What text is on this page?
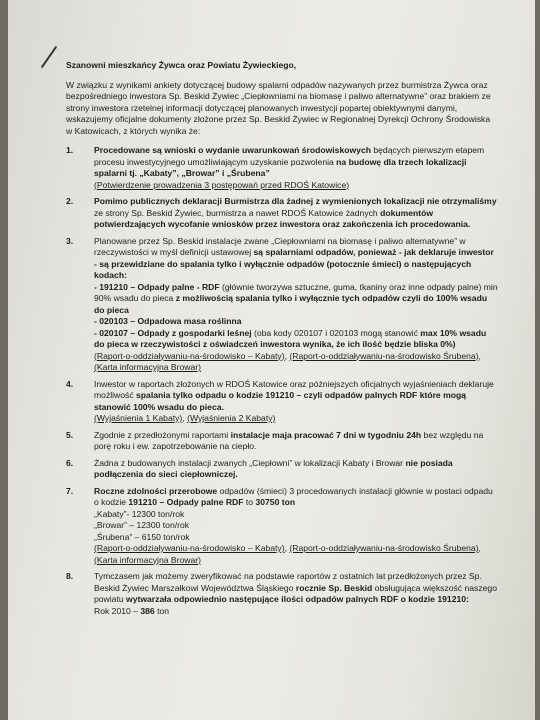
Szanowni mieszkańcy Żywca oraz Powiatu Żywieckiego,

W związku z wynikami ankiety dotyczącej budowy spalarni odpadów nazywanych przez burmistrza Żywca oraz bezpośredniego inwestora Sp. Beskid Żywiec „Ciepłowniami na biomasę i paliwo alternatywne” oraz brakiem ze strony inwestora rzetelnej informacji dotyczącej planowanych inwestycji popartej obiektywnymi danymi, wskazujemy oficjalne dokumenty złożone przez Sp. Beskid Żywiec w Regionalnej Dyrekcji Ochrony Środowiska w Katowicach, z których wynika że:

1.	Procedowane są wnioski o wydanie uwarunkowań środowiskowych będących pierwszym etapem procesu inwestycyjnego umożliwiającym uzyskanie pozwolenia na budowę dla trzech lokalizacji spalarni tj. „Kabaty”, „Browar” i „Śrubena”
(Potwierdzenie prowadzenia 3 postępowań przed RDOŚ Katowice)
2.	Pomimo publicznych deklaracji Burmistrza dla żadnej z wymienionych lokalizacji nie otrzymaliśmy ze strony Sp. Beskid Żywiec, burmistrza a nawet RDOŚ Katowice żadnych dokumentów potwierdzających wycofanie wniosków przez inwestora oraz zakończenia ich procedowania.
3.	Planowane przez Sp. Beskid instalacje zwane „Ciepłowniami na biomasę i paliwo alternatywne” w rzeczywistości w myśl definicji ustawowej są spalarniami odpadów, ponieważ - jak deklaruje inwestor - są przewidziane do spalania tylko i wyłącznie odpadów (potocznie śmieci) o następujących kodach:
- 191210 – Odpady palne - RDF (głównie tworzywa sztuczne, guma, tkaniny oraz inne odpady palne) min 90% wsadu do pieca z możliwością spalania tylko i wyłącznie tych odpadów czyli do 100% wsadu do pieca
- 020103 – Odpadowa masa roślinna
- 020107 – Odpady z gospodarki leśnej (oba kody 020107 i 020103 mogą stanowić max 10% wsadu do pieca w rzeczywistości z oświadczeń inwestora wynika, że ich ilość będzie bliska 0%)
(Raport-o-oddziaływaniu-na-środowisko – Kabaty), (Raport-o-oddziaływaniu-na-środowisko Śrubena), (Karta informacyjna Browar)
4.	Inwestor w raportach złożonych w RDOŚ Katowice oraz późniejszych oficjalnych wyjaśnieniach deklaruje możliwość spalania tylko odpadu o kodzie 191210 – czyli odpadów palnych RDF które mogą stanowić 100% wsadu do pieca.
(Wyjaśnienia 1 Kabaty), (Wyjaśnienia 2 Kabaty)
5.	Zgodnie z przedłożonymi raportami instalacje maja pracować 7 dni w tygodniu 24h bez względu na porę roku i ew. zapotrzebowanie na ciepło.
6.	Żadna z budowanych instalacji zwanych „Ciepłowni” w lokalizacji Kabaty i Browar nie posiada podłączenia do sieci ciepłowniczej.
7.	Roczne zdolności przerobowe odpadów (śmieci) 3 procedowanych instalacji głównie w postaci odpadu o kodzie 191210 – Odpady palne RDF to 30750 ton
„Kabaty”- 12300 ton/rok
„Browar” – 12300 ton/rok
„Śrubena” – 6150 ton/rok
(Raport-o-oddziaływaniu-na-środowisko – Kabaty), (Raport-o-oddziaływaniu-na-środowisko Śrubena), (Karta informacyjna Browar)
8.	Tymczasem jak możemy zweryfikować na podstawie raportów z ostatnich lat przedłożonych przez Sp. Beskid Żywiec Marszałkowi Województwa Śląskiego rocznie Sp. Beskid obsługująca większość naszego powiatu wytwarzała odpowiednio następujące ilości odpadów palnych RDF o kodzie 191210:
Rok 2010 – 386 ton
